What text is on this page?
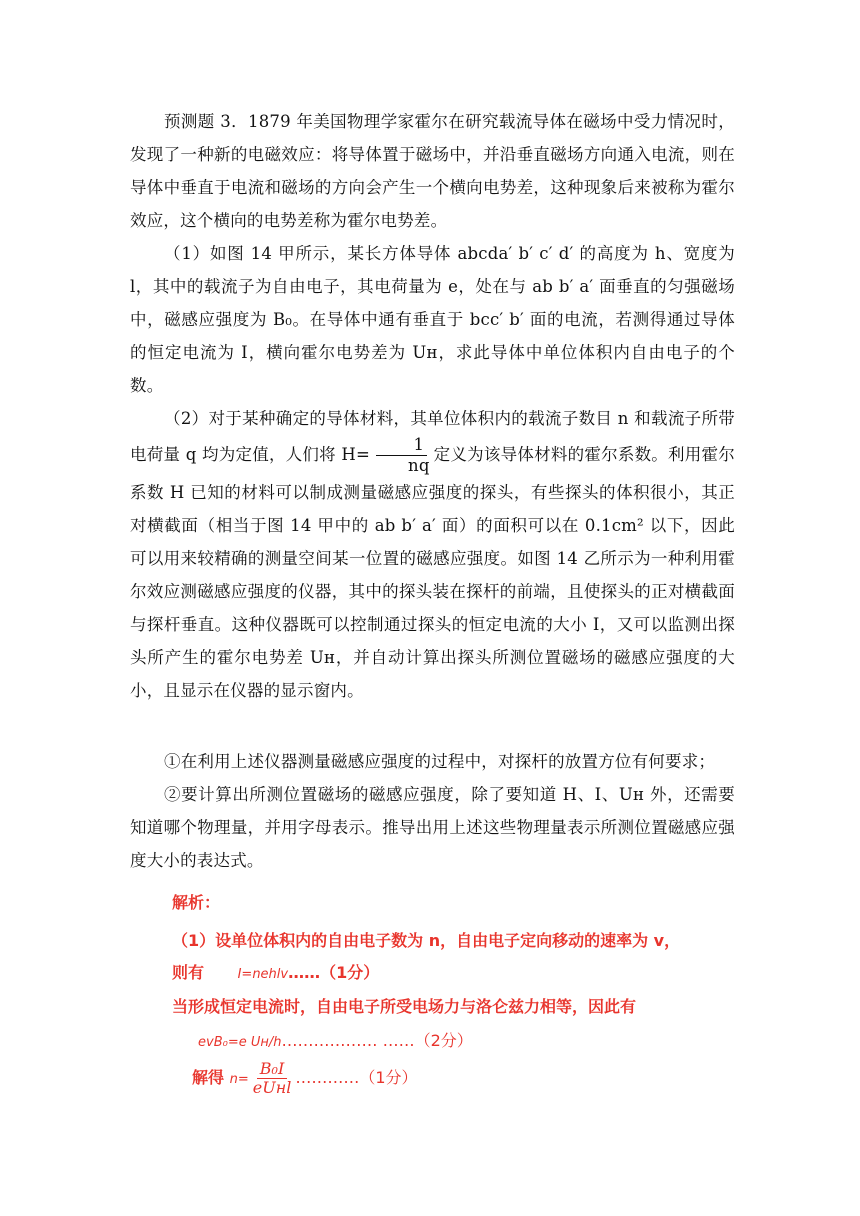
预测题 3．1879 年美国物理学家霍尔在研究载流导体在磁场中受力情况时，发现了一种新的电磁效应：将导体置于磁场中，并沿垂直磁场方向通入电流，则在导体中垂直于电流和磁场的方向会产生一个横向电势差，这种现象后来被称为霍尔效应，这个横向的电势差称为霍尔电势差。
（1）如图 14 甲所示，某长方体导体 abcda′ b′ c′ d′ 的高度为 h、宽度为 l，其中的载流子为自由电子，其电荷量为 e，处在与 ab b′ a′ 面垂直的匀强磁场中，磁感应强度为 B₀。在导体中通有垂直于 bcc′ b′ 面的电流，若测得通过导体的恒定电流为 I，横向霍尔电势差为 Uн，求此导体中单位体积内自由电子的个数。
（2）对于某种确定的导体材料，其单位体积内的载流子数目 n 和载流子所带电荷量 q 均为定值，人们将 $H= \frac{1}{nq}$ 定义为该导体材料的霍尔系数。利用霍尔系数 H 已知的材料可以制成测量磁感应强度的探头，有些探头的体积很小，其正对横截面（相当于图 14 甲中的 ab b′ a′ 面）的面积可以在 0.1cm² 以下，因此可以用来较精确的测量空间某一位置的磁感应强度。如图 14 乙所示为一种利用霍尔效应测磁感应强度的仪器，其中的探头装在探杆的前端，且使探头的正对横截面与探杆垂直。这种仪器既可以控制通过探头的恒定电流的大小 I，又可以监测出探头所产生的霍尔电势差 Uн，并自动计算出探头所测位置磁场的磁感应强度的大小，且显示在仪器的显示窗内。
①在利用上述仪器测量磁感应强度的过程中，对探杆的放置方位有何要求；
②要计算出所测位置磁场的磁感应强度，除了要知道 H、I、Uн 外，还需要知道哪个物理量，并用字母表示。推导出用上述这些物理量表示所测位置磁感应强度大小的表达式。
解析：
（1）设单位体积内的自由电子数为 n，自由电子定向移动的速率为 v，
则有	I=nehlv……（1分）
当形成恒定电流时，自由电子所受电场力与洛仑兹力相等，因此有
evB₀=e Uн/h……………… ……（2分）
解得 n=
B₀I
eUнl
…………（1分）
